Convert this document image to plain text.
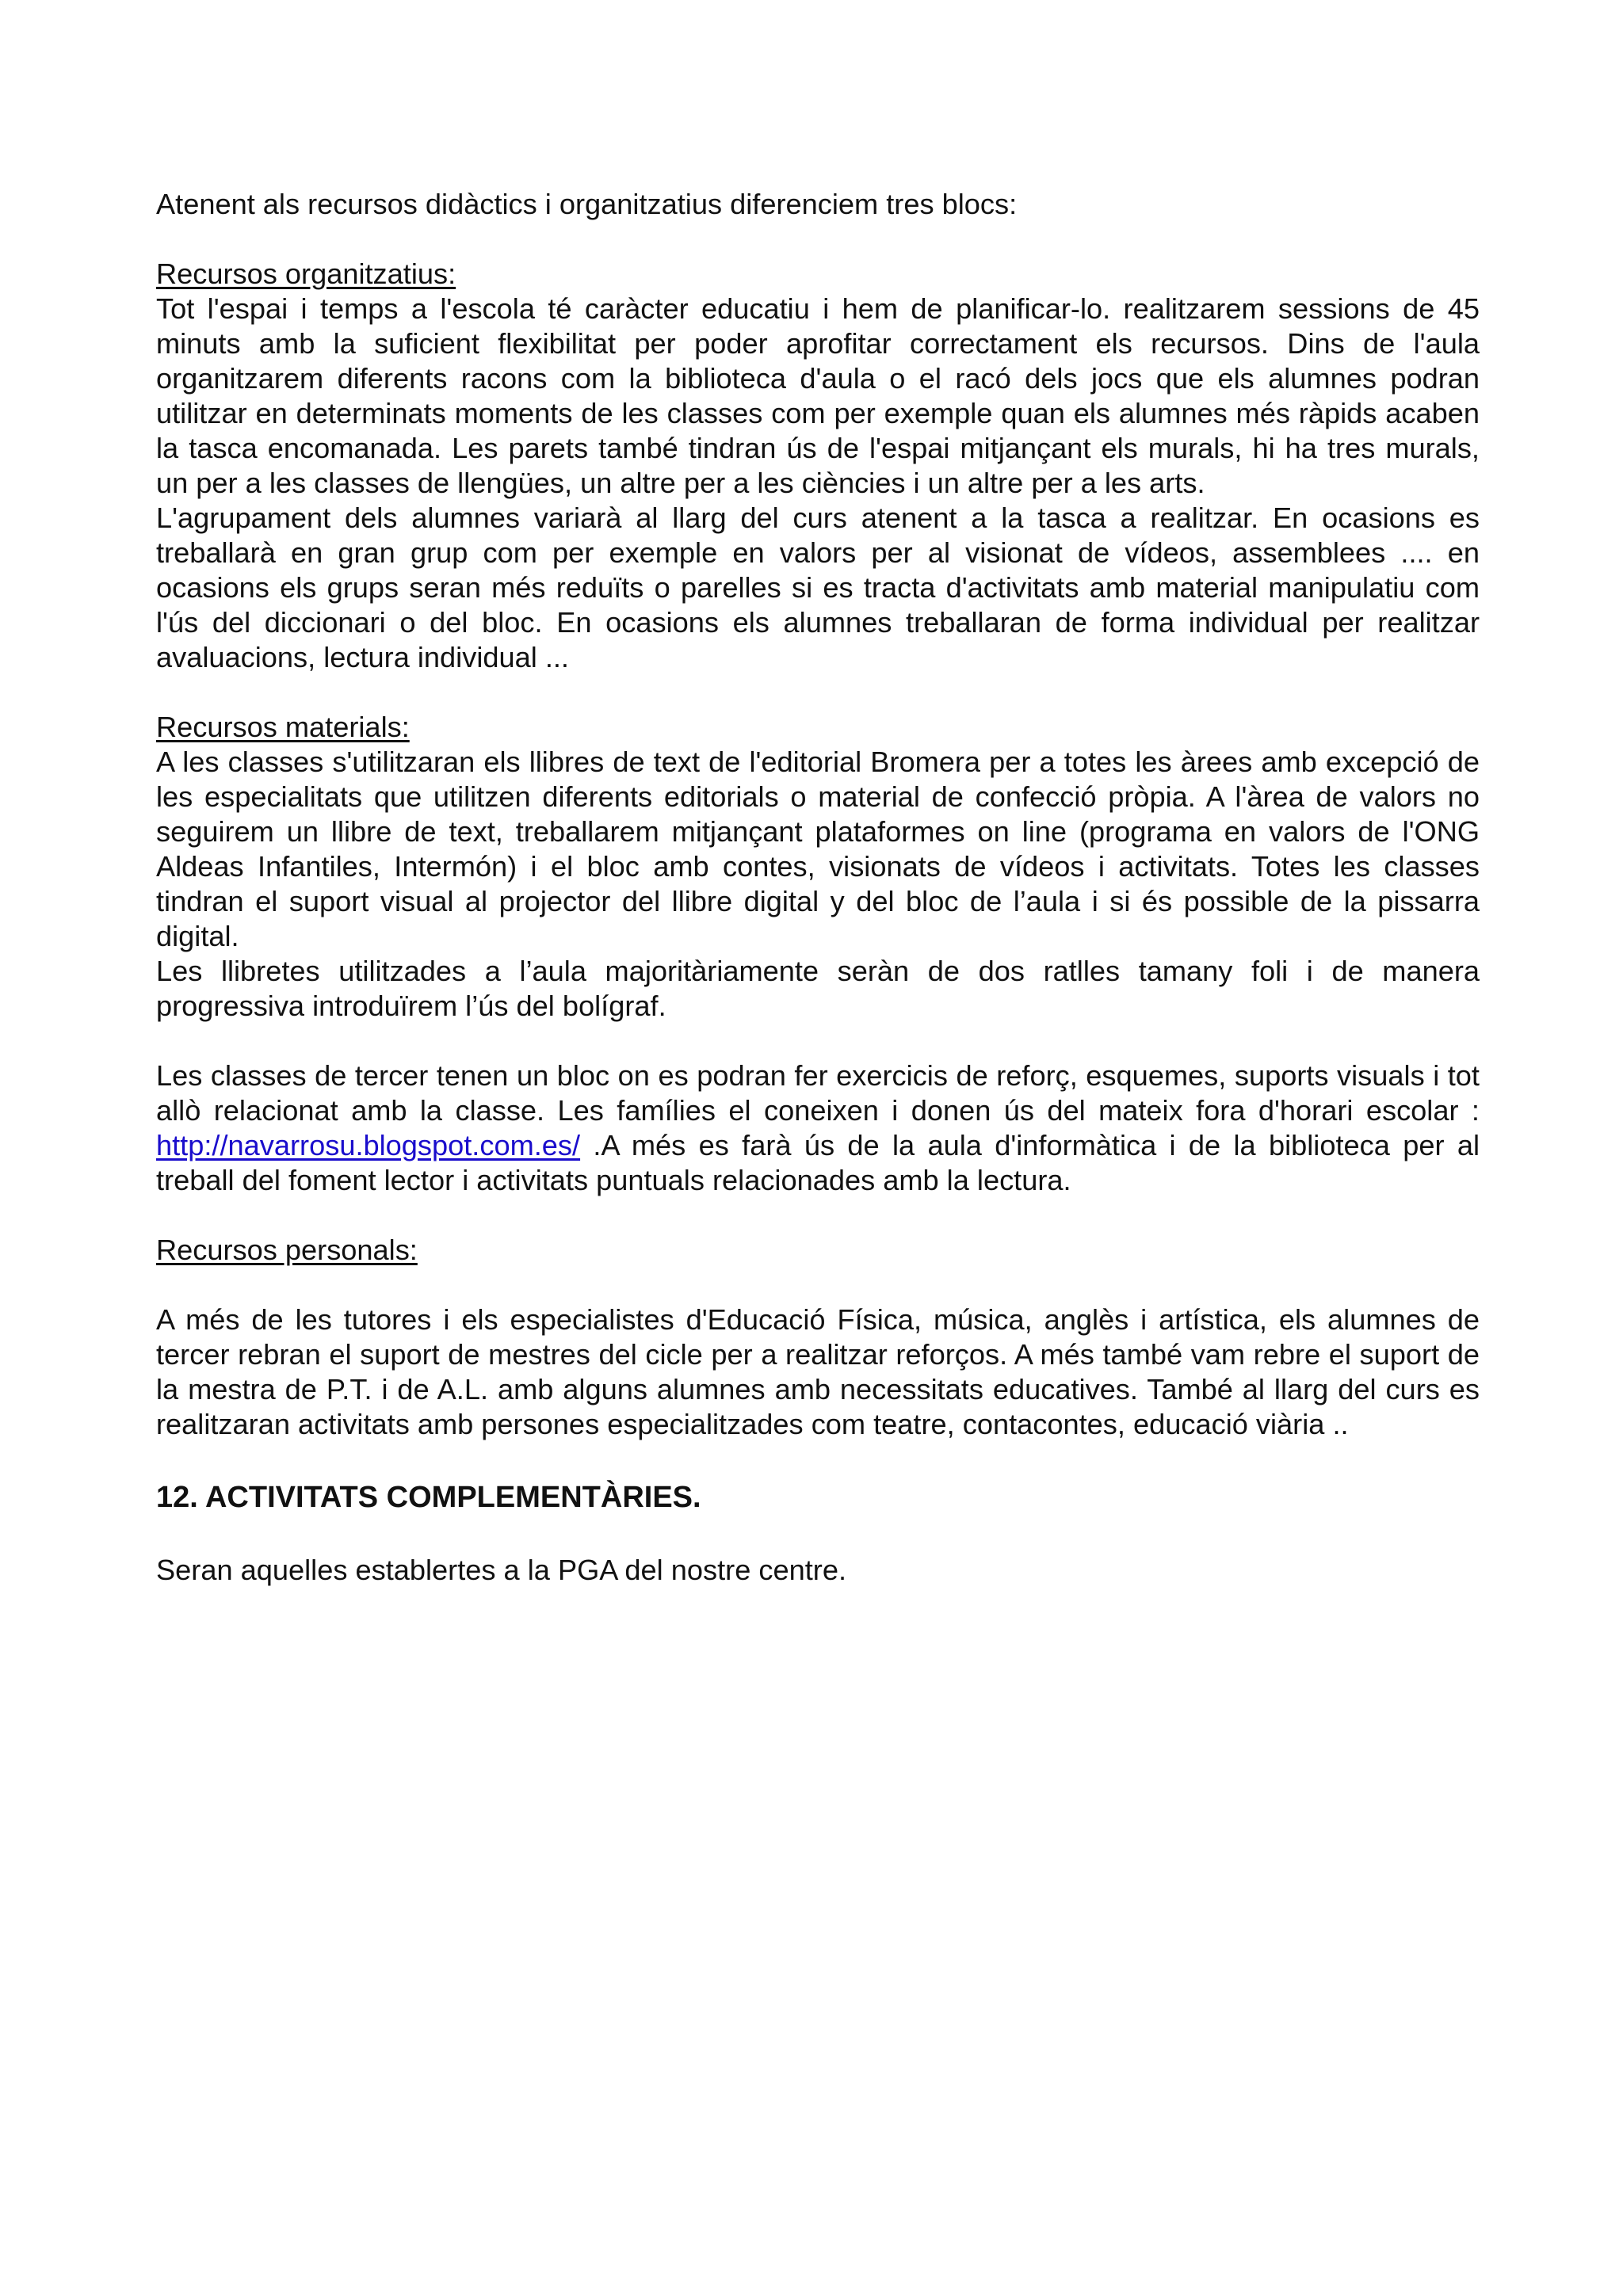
Atenent als recursos didàctics i organitzatius diferenciem tres blocs:

Recursos organitzatius:

Tot l'espai i temps a l'escola té caràcter educatiu i hem de planificar-lo. realitzarem sessions de 45 minuts amb la suficient flexibilitat per poder aprofitar correctament els recursos. Dins de l'aula organitzarem diferents racons com la biblioteca d'aula o el racó dels jocs que els alumnes podran utilitzar en determinats moments de les classes com per exemple quan els alumnes més ràpids acaben la tasca encomanada. Les parets també tindran ús de l'espai mitjançant els murals, hi ha tres murals, un per a les classes de llengües, un altre per a les ciències i un altre per a les arts.

L'agrupament dels alumnes variarà al llarg del curs atenent a la tasca a realitzar. En ocasions es treballarà en gran grup com per exemple en valors per al visionat de vídeos, assemblees .... en ocasions els grups seran més reduïts o parelles si es tracta d'activitats amb material manipulatiu com l'ús del diccionari o del bloc. En ocasions els alumnes treballaran de forma individual per realitzar avaluacions, lectura individual ...

Recursos materials:

A les classes s'utilitzaran els llibres de text de l'editorial Bromera per a totes les àrees amb excepció de les especialitats que utilitzen diferents editorials o material de confecció pròpia. A l'àrea de valors no seguirem un llibre de text, treballarem mitjançant plataformes on line (programa en valors de l'ONG Aldeas Infantiles, Intermón) i el bloc amb contes, visionats de vídeos i activitats. Totes les classes tindran el suport visual al projector del llibre digital y del bloc de l’aula i si és possible de la pissarra digital.

Les llibretes utilitzades a l’aula majoritàriamente seràn de dos ratlles tamany foli i de manera progressiva introduïrem l’ús del bolígraf.

Les classes de tercer tenen un bloc on es podran fer exercicis de reforç, esquemes, suports visuals i tot allò relacionat amb la classe. Les famílies el coneixen i donen ús del mateix fora d'horari escolar : http://navarrosu.blogspot.com.es/ .A més es farà ús de la aula d'informàtica i de la biblioteca per al treball del foment lector i activitats puntuals relacionades amb la lectura.

Recursos personals:

A més de les tutores i els especialistes d'Educació Física, música, anglès i artística, els alumnes de tercer rebran el suport de mestres del cicle per a realitzar reforços. A més també vam rebre el suport de la mestra de P.T. i de A.L. amb alguns alumnes amb necessitats educatives. També al llarg del curs es realitzaran activitats amb persones especialitzades com teatre, contacontes, educació viària ..

12. ACTIVITATS COMPLEMENTÀRIES.

Seran aquelles establertes a la PGA del nostre centre.
